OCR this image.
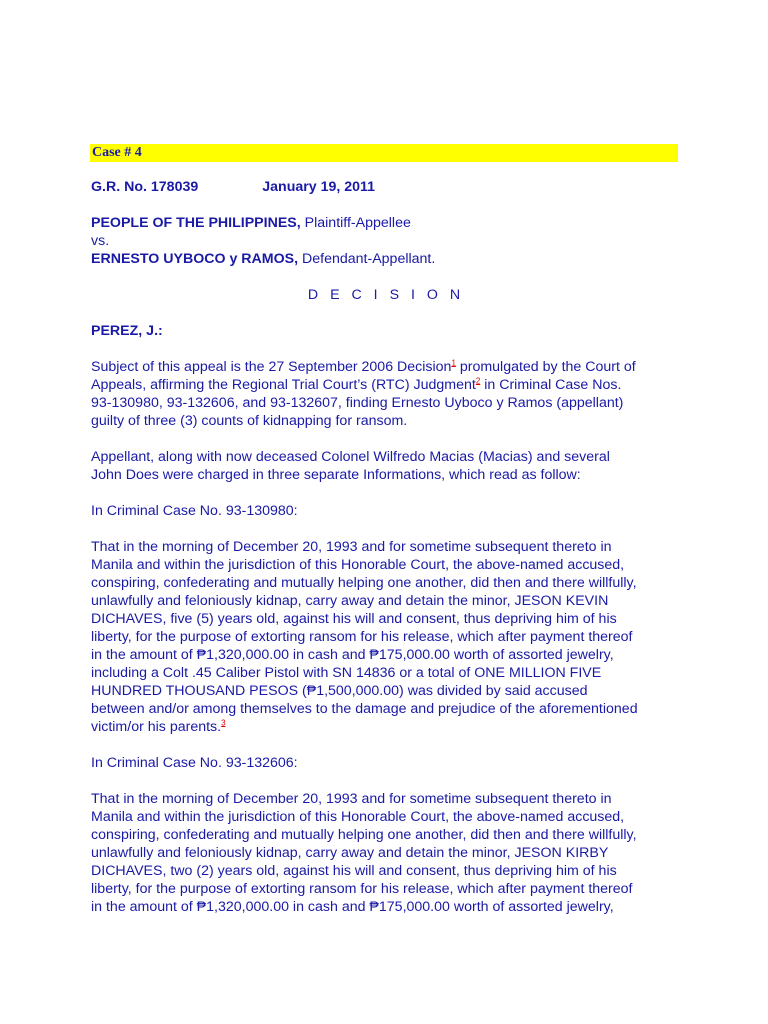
Case # 4
G.R. No. 178039	January 19, 2011
PEOPLE OF THE PHILIPPINES, Plaintiff-Appellee
vs.
ERNESTO UYBOCO y RAMOS, Defendant-Appellant.
D E C I S I O N
PEREZ, J.:
Subject of this appeal is the 27 September 2006 Decision$^1$ promulgated by the Court of
Appeals, affirming the Regional Trial Court’s (RTC) Judgment$^2$ in Criminal Case Nos.
93-130980, 93-132606, and 93-132607, finding Ernesto Uyboco y Ramos (appellant)
guilty of three (3) counts of kidnapping for ransom.
Appellant, along with now deceased Colonel Wilfredo Macias (Macias) and several
John Does were charged in three separate Informations, which read as follow:
In Criminal Case No. 93-130980:
That in the morning of December 20, 1993 and for sometime subsequent thereto in
Manila and within the jurisdiction of this Honorable Court, the above-named accused,
conspiring, confederating and mutually helping one another, did then and there willfully,
unlawfully and feloniously kidnap, carry away and detain the minor, JESON KEVIN
DICHAVES, five (5) years old, against his will and consent, thus depriving him of his
liberty, for the purpose of extorting ransom for his release, which after payment thereof
in the amount of ₱1,320,000.00 in cash and ₱175,000.00 worth of assorted jewelry,
including a Colt .45 Caliber Pistol with SN 14836 or a total of ONE MILLION FIVE
HUNDRED THOUSAND PESOS (₱1,500,000.00) was divided by said accused
between and/or among themselves to the damage and prejudice of the aforementioned
victim/or his parents.$^3$
In Criminal Case No. 93-132606:
That in the morning of December 20, 1993 and for sometime subsequent thereto in
Manila and within the jurisdiction of this Honorable Court, the above-named accused,
conspiring, confederating and mutually helping one another, did then and there willfully,
unlawfully and feloniously kidnap, carry away and detain the minor, JESON KIRBY
DICHAVES, two (2) years old, against his will and consent, thus depriving him of his
liberty, for the purpose of extorting ransom for his release, which after payment thereof
in the amount of ₱1,320,000.00 in cash and ₱175,000.00 worth of assorted jewelry,
